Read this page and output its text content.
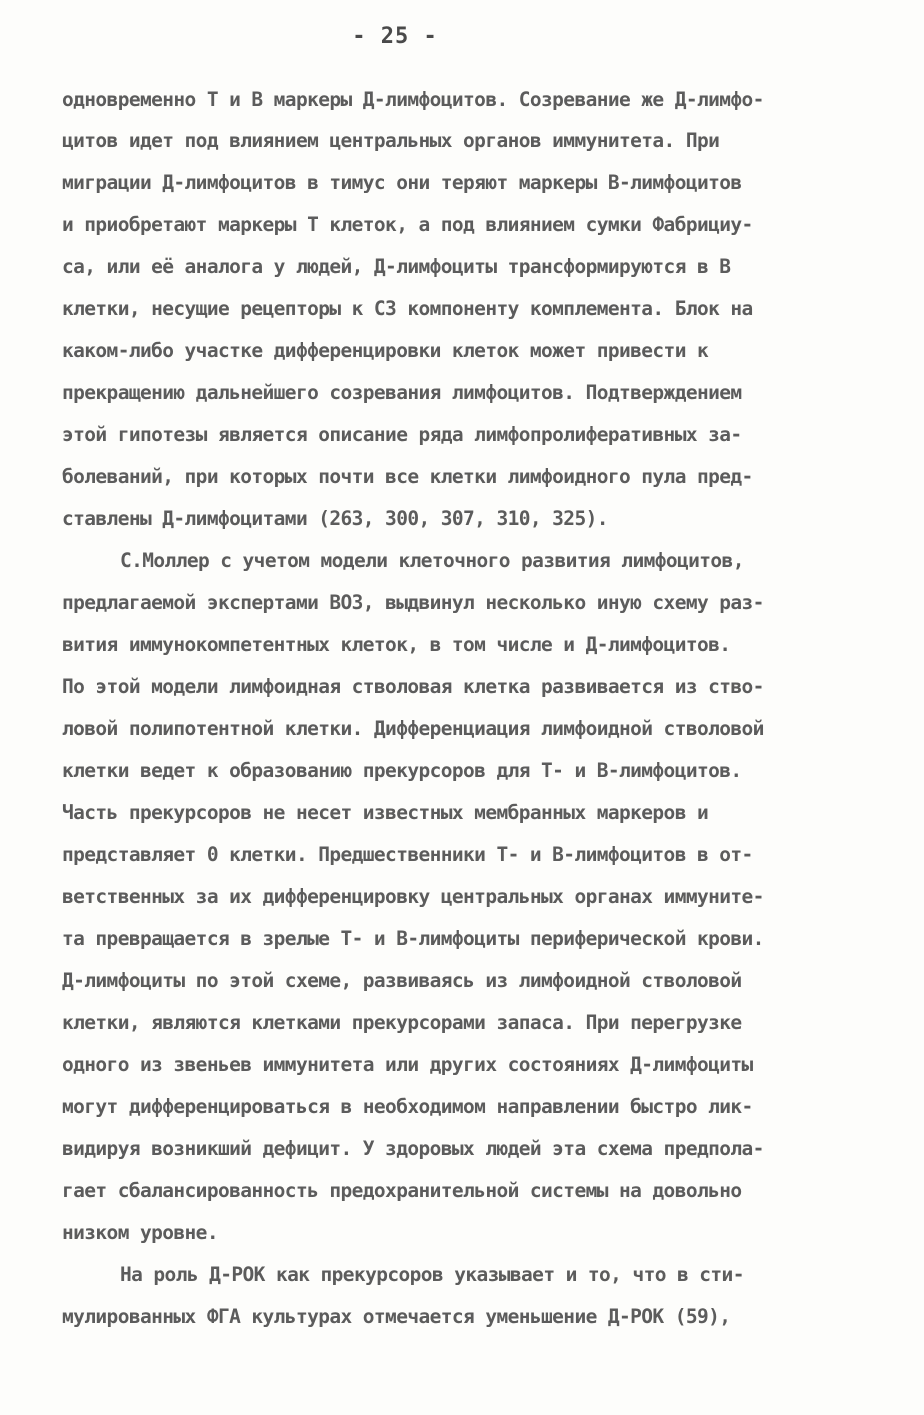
- 25 -
одновременно Т и В маркеры Д-лимфоцитов. Созревание же Д-лимфо-
цитов идет под влиянием центральных органов иммунитета. При
миграции Д-лимфоцитов в тимус они теряют маркеры В-лимфоцитов
и приобретают маркеры Т клеток, а под влиянием сумки Фабрициу-
са, или её аналога у людей, Д-лимфоциты трансформируются в В
клетки, несущие рецепторы к С3 компоненту комплемента. Блок на
каком-либо участке дифференцировки клеток может привести к
прекращению дальнейшего созревания лимфоцитов. Подтверждением
этой гипотезы является описание ряда лимфопролиферативных за-
болеваний, при которых почти все клетки лимфоидного пула пред-
ставлены Д-лимфоцитами (263, 300, 307, 310, 325).
С.Моллер с учетом модели клеточного развития лимфоцитов,
предлагаемой экспертами ВОЗ, выдвинул несколько иную схему раз-
вития иммунокомпетентных клеток, в том числе и Д-лимфоцитов.
По этой модели лимфоидная стволовая клетка развивается из ство-
ловой полипотентной клетки. Дифференциация лимфоидной стволовой
клетки ведет к образованию прекурсоров для Т- и В-лимфоцитов.
Часть прекурсоров не несет известных мембранных маркеров и
представляет 0 клетки. Предшественники Т- и В-лимфоцитов в от-
ветственных за их дифференцировку центральных органах иммуните-
та превращается в зрелые Т- и В-лимфоциты периферической крови.
Д-лимфоциты по этой схеме, развиваясь из лимфоидной стволовой
клетки, являются клетками прекурсорами запаса. При перегрузке
одного из звеньев иммунитета или других состояниях Д-лимфоциты
могут дифференцироваться в необходимом направлении быстро лик-
видируя возникший дефицит. У здоровых людей эта схема предпола-
гает сбалансированность предохранительной системы на довольно
низком уровне.
На роль Д-РОК как прекурсоров указывает и то, что в сти-
мулированных ФГА культурах отмечается уменьшение Д-РОК (59),
